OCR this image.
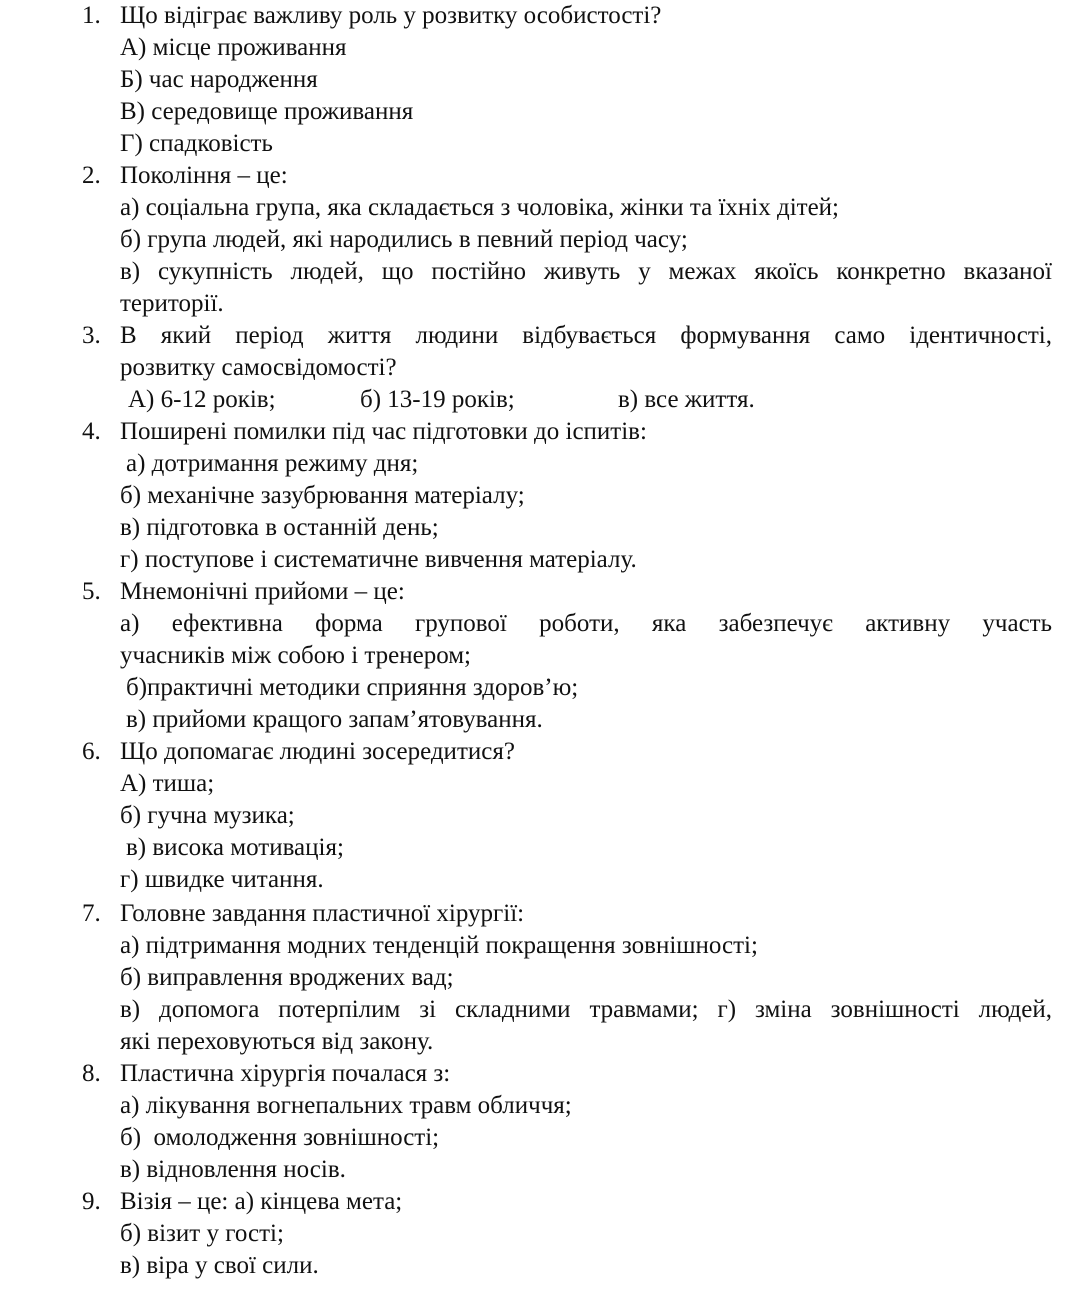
1. Що відіграє важливу роль у розвитку особистості?
А) місце проживання
Б) час народження
В) середовище проживання
Г) спадковість
2. Покоління – це:
а) соціальна група, яка складається з чоловіка, жінки та їхніх дітей;
б) група людей, які народились в певний період часу;
в) сукупність людей, що постійно живуть у межах якоїсь конкретно вказаної
території.
3. В який період життя людини відбувається формування само ідентичності,
розвитку самосвідомості?
А) 6-12 років;	б) 13-19 років;	в) все життя.
4. Поширені помилки під час підготовки до іспитів:
а) дотримання режиму дня;
б) механічне зазубрювання матеріалу;
в) підготовка в останній день;
г) поступове і систематичне вивчення матеріалу.
5. Мнемонічні прийоми – це:
а) ефективна форма групової роботи, яка забезпечує активну участь
учасників між собою і тренером;
б)практичні методики сприяння здоров’ю;
в) прийоми кращого запам’ятовування.
6. Що допомагає людині зосередитися?
А) тиша;
б) гучна музика;
в) висока мотивація;
г) швидке читання.
7. Головне завдання пластичної хірургії:
а) підтримання модних тенденцій покращення зовнішності;
б) виправлення вроджених вад;
в) допомога потерпілим зі складними травмами; г) зміна зовнішності людей,
які переховуються від закону.
8. Пластична хірургія почалася з:
а) лікування вогнепальних травм обличчя;
б)  омолодження зовнішності;
в) відновлення носів.
9. Візія – це: а) кінцева мета;
б) візит у гості;
в) віра у свої сили.
